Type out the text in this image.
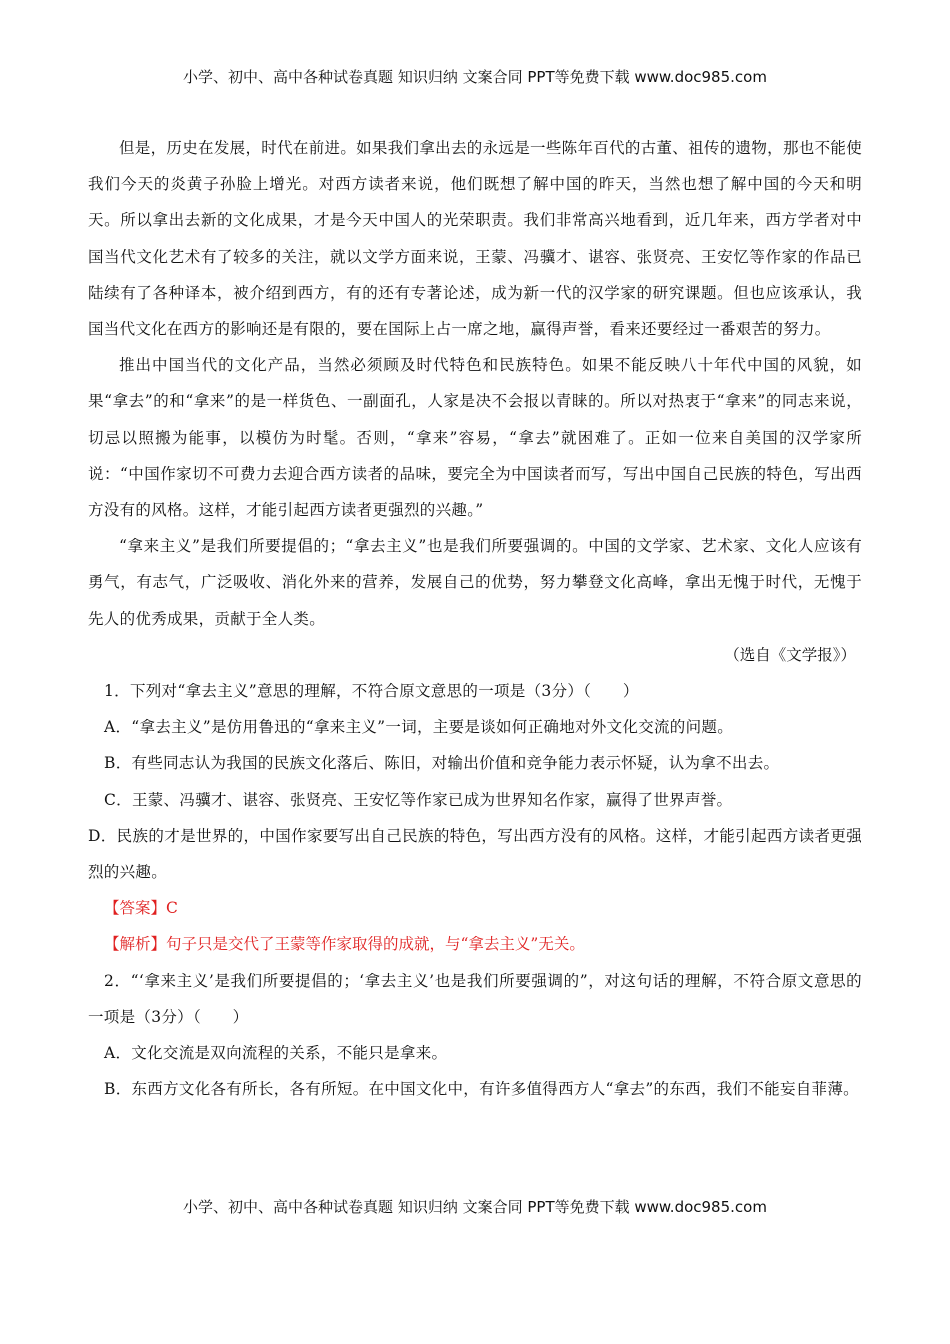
小学、初中、高中各种试卷真题 知识归纳 文案合同 PPT等免费下载 www.doc985.com

但是，历史在发展，时代在前进。如果我们拿出去的永远是一些陈年百代的古董、祖传的遗物，那也不能使我们今天的炎黄子孙脸上增光。对西方读者来说，他们既想了解中国的昨天，当然也想了解中国的今天和明天。所以拿出去新的文化成果，才是今天中国人的光荣职责。我们非常高兴地看到，近几年来，西方学者对中国当代文化艺术有了较多的关注，就以文学方面来说，王蒙、冯骥才、谌容、张贤亮、王安忆等作家的作品已陆续有了各种译本，被介绍到西方，有的还有专著论述，成为新一代的汉学家的研究课题。但也应该承认，我国当代文化在西方的影响还是有限的，要在国际上占一席之地，赢得声誉，看来还要经过一番艰苦的努力。

推出中国当代的文化产品，当然必须顾及时代特色和民族特色。如果不能反映八十年代中国的风貌，如果“拿去”的和“拿来”的是一样货色、一副面孔，人家是决不会报以青睐的。所以对热衷于“拿来”的同志来说，切忌以照搬为能事，以模仿为时髦。否则，“拿来”容易，“拿去”就困难了。正如一位来自美国的汉学家所说：“中国作家切不可费力去迎合西方读者的品味，要完全为中国读者而写，写出中国自己民族的特色，写出西方没有的风格。这样，才能引起西方读者更强烈的兴趣。”

“拿来主义”是我们所要提倡的；“拿去主义”也是我们所要强调的。中国的文学家、艺术家、文化人应该有勇气，有志气，广泛吸收、消化外来的营养，发展自己的优势，努力攀登文化高峰，拿出无愧于时代，无愧于先人的优秀成果，贡献于全人类。

（选自《文学报》）

1．下列对“拿去主义”意思的理解，不符合原文意思的一项是（3分）（　　）

A．“拿去主义”是仿用鲁迅的“拿来主义”一词，主要是谈如何正确地对外文化交流的问题。

B．有些同志认为我国的民族文化落后、陈旧，对输出价值和竞争能力表示怀疑，认为拿不出去。

C．王蒙、冯骥才、谌容、张贤亮、王安忆等作家已成为世界知名作家，赢得了世界声誉。

D．民族的才是世界的，中国作家要写出自己民族的特色，写出西方没有的风格。这样，才能引起西方读者更强烈的兴趣。

【答案】C

【解析】句子只是交代了王蒙等作家取得的成就，与“拿去主义”无关。

2．“‘拿来主义’是我们所要提倡的；‘拿去主义’也是我们所要强调的”，对这句话的理解，不符合原文意思的一项是（3分）（　　）

A．文化交流是双向流程的关系，不能只是拿来。

B．东西方文化各有所长，各有所短。在中国文化中，有许多值得西方人“拿去”的东西，我们不能妄自菲薄。

小学、初中、高中各种试卷真题 知识归纳 文案合同 PPT等免费下载 www.doc985.com
